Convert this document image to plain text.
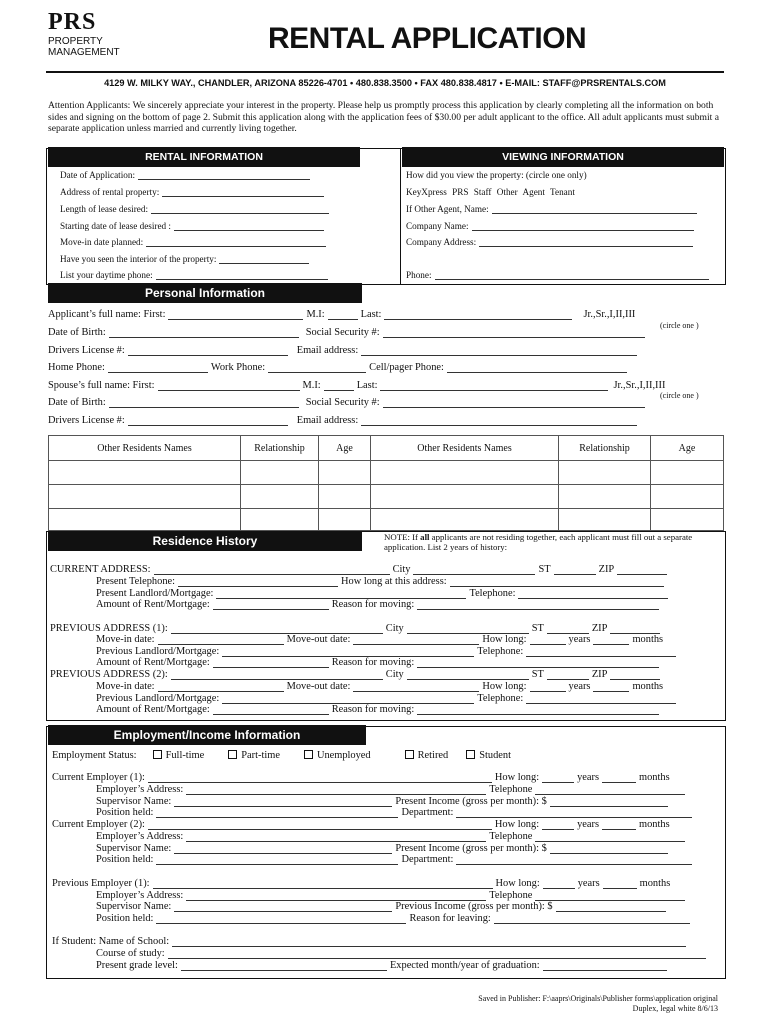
PRS
PROPERTY
MANAGEMENT	RENTAL APPLICATION
4129 W. MILKY WAY., CHANDLER, ARIZONA 85226-4701 • 480.838.3500 • FAX 480.838.4817 • E-MAIL: STAFF@PRSRENTALS.COM
Attention Applicants: We sincerely appreciate your interest in the property. Please help us promptly process this application by clearly completing all the information on both sides and signing on the bottom of page 2. Submit this application along with the application fees of $30.00 per adult applicant to the office. All adult applicants must submit a separate application unless married and currently living together.
RENTAL INFORMATION	VIEWING INFORMATION
Date of Application:
Address of rental property:
Length of lease desired:
Starting date of lease desired :
Move-in date planned:
Have you seen the interior of the property:
List your daytime phone:
How did you view the property: (circle one only)
KeyXpress PRS Staff Other Agent Tenant
If Other Agent, Name:
Company Name:
Company Address:
Phone:
Personal Information
Applicant’s full name: First:	M.I:	Last:	Jr.,Sr.,I,II,III
(circle one )
Date of Birth:	Social Security #:
Drivers License #:	Email address:
Home Phone:	Work Phone:	Cell/pager Phone:
Spouse’s full name: First:	M.I:	Last:	Jr.,Sr.,I,II,III
(circle one )
Date of Birth:	Social Security #:
Drivers License #:	Email address:
Other Residents Names	Relationship	Age	Other Residents Names	Relationship	Age

Residence History	NOTE: If all applicants are not residing together, each applicant must fill out a separate application. List 2 years of history:
CURRENT ADDRESS:	City	ST	ZIP
Present Telephone:	How long at this address:
Present Landlord/Mortgage:	Telephone:
Amount of Rent/Mortgage:	Reason for moving:
PREVIOUS ADDRESS (1):	City	ST	ZIP
Move-in date:	Move-out date:	How long:	years	months
Previous Landlord/Mortgage:	Telephone:
Amount of Rent/Mortgage:	Reason for moving:
PREVIOUS ADDRESS (2):	City	ST	ZIP
Move-in date:	Move-out date:	How long:	years	months
Previous Landlord/Mortgage:	Telephone:
Amount of Rent/Mortgage:	Reason for moving:
Employment/Income Information
Employment Status:	Full-time	Part-time	Unemployed	Retired	Student
Current Employer (1):	How long:	years	months
Employer’s Address:	Telephone
Supervisor Name:	Present Income (gross per month): $
Position held:	Department:
Current Employer (2):	How long:	years	months
Employer’s Address:	Telephone
Supervisor Name:	Present Income (gross per month): $
Position held:	Department:
Previous Employer (1):	How long:	years	months
Employer’s Address:	Telephone
Supervisor Name:	Previous Income (gross per month): $
Position held:	Reason for leaving:
If Student: Name of School:
Course of study:
Present grade level:	Expected month/year of graduation:
Saved in Publisher: F:\aaprs\Originals\Publisher forms\application original
Duplex, legal white 8/6/13
